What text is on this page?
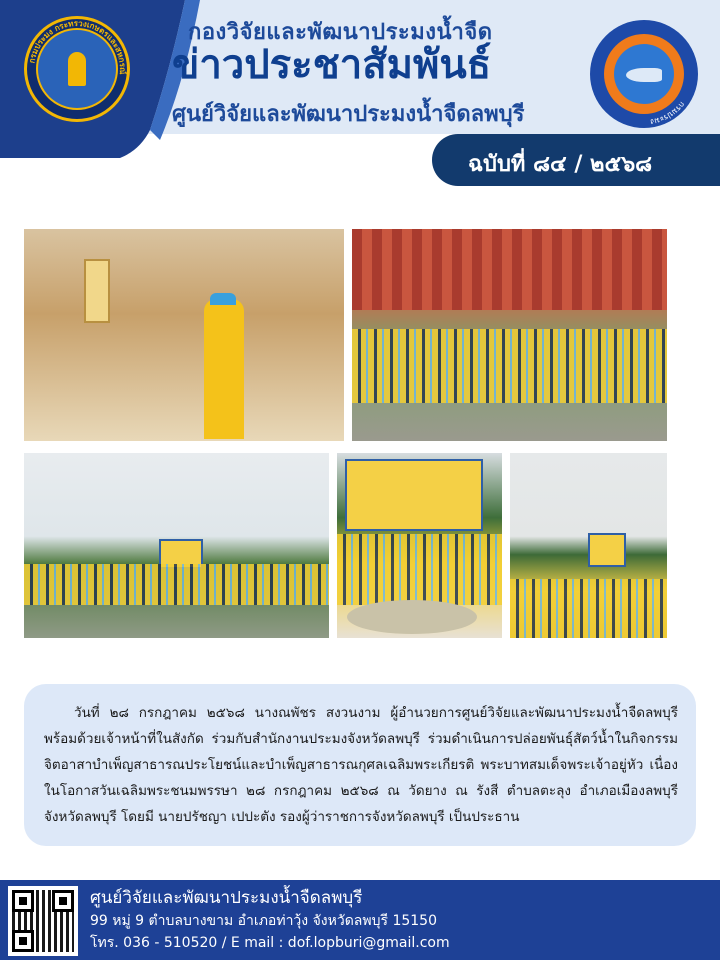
กรมประมง กระทรวงเกษตรและสหกรณ์
กองวิจัยและพัฒนาประมงน้ำจืด
ข่าวประชาสัมพันธ์
ศูนย์วิจัยและพัฒนาประมงน้ำจืดลพบุรี	กรมประมง
ฉบับที่ ๘๔ / ๒๕๖๘
วันที่ ๒๘ กรกฎาคม ๒๕๖๘ นางณพัชร สงวนงาม ผู้อำนวยการศูนย์วิจัยและพัฒนาประมงน้ำจืดลพบุรี พร้อมด้วยเจ้าหน้าที่ในสังกัด ร่วมกับสำนักงานประมงจังหวัดลพบุรี ร่วมดำเนินการปล่อยพันธุ์สัตว์น้ำในกิจกรรมจิตอาสาบำเพ็ญสาธารณประโยชน์และบำเพ็ญสาธารณกุศลเฉลิมพระเกียรติ พระบาทสมเด็จพระเจ้าอยู่หัว เนื่องในโอกาสวันเฉลิมพระชนมพรรษา ๒๘ กรกฎาคม ๒๕๖๘ ณ วัดยาง ณ รังสี ตำบลตะลุง อำเภอเมืองลพบุรี จังหวัดลพบุรี โดยมี นายปรัชญา เปปะตัง รองผู้ว่าราชการจังหวัดลพบุรี เป็นประธาน
ศูนย์วิจัยและพัฒนาประมงน้ำจืดลพบุรี
99 หมู่ 9 ตำบลบางขาม อำเภอท่าวุ้ง จังหวัดลพบุรี 15150
โทร. 036 - 510520 / E mail : dof.lopburi@gmail.com
